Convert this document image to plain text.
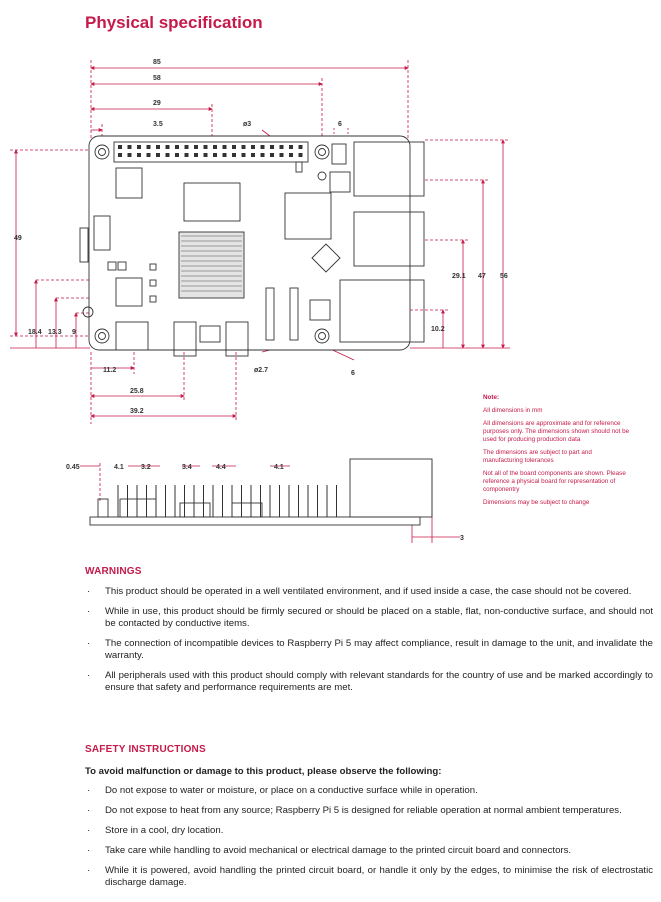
Physical specification
85
58
29
3.5	ø3	6
49
18.4 13.3 9
29.1 47 56
10.2
ø2.7	6
11.2
25.8
39.2
Note:

All dimensions in mm

All dimensions are approximate and for reference purposes only. The dimensions shown should not be used for producing production data

The dimensions are subject to part and manufacturing tolerances

Not all of the board components are shown. Please reference a physical board for representation of componentry

Dimensions may be subject to change

0.45	4.1 3.2	3.4	4.4	4.1
3
WARNINGS
· This product should be operated in a well ventilated environment, and if used inside a case, the case should not be covered.
· While in use, this product should be firmly secured or should be placed on a stable, flat, non-conductive surface, and should not be contacted by conductive items.
· The connection of incompatible devices to Raspberry Pi 5 may affect compliance, result in damage to the unit, and invalidate the warranty.
· All peripherals used with this product should comply with relevant standards for the country of use and be marked accordingly to ensure that safety and performance requirements are met.
SAFETY INSTRUCTIONS
To avoid malfunction or damage to this product, please observe the following:
· Do not expose to water or moisture, or place on a conductive surface while in operation.
· Do not expose to heat from any source; Raspberry Pi 5 is designed for reliable operation at normal ambient temperatures.
· Store in a cool, dry location.
· Take care while handling to avoid mechanical or electrical damage to the printed circuit board and connectors.
· While it is powered, avoid handling the printed circuit board, or handle it only by the edges, to minimise the risk of electrostatic discharge damage.
